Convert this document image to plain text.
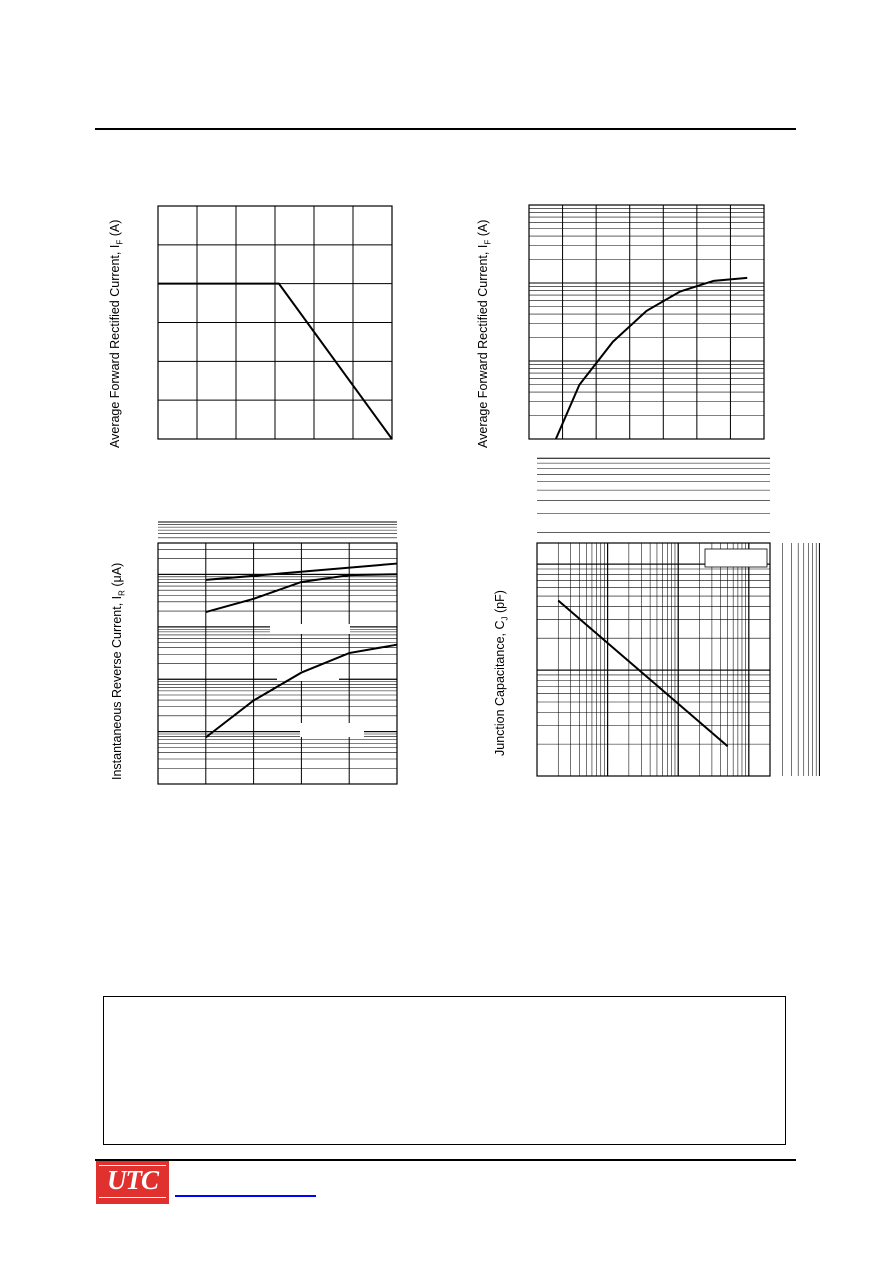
Average Forward Rectified Current, $I_F$ (A)
Average Forward Rectified Current, $I_F$ (A)
Instantaneous Reverse Current, $I_R$ (μA)
Junction Capacitance, $C_J$ (pF)
UTC
